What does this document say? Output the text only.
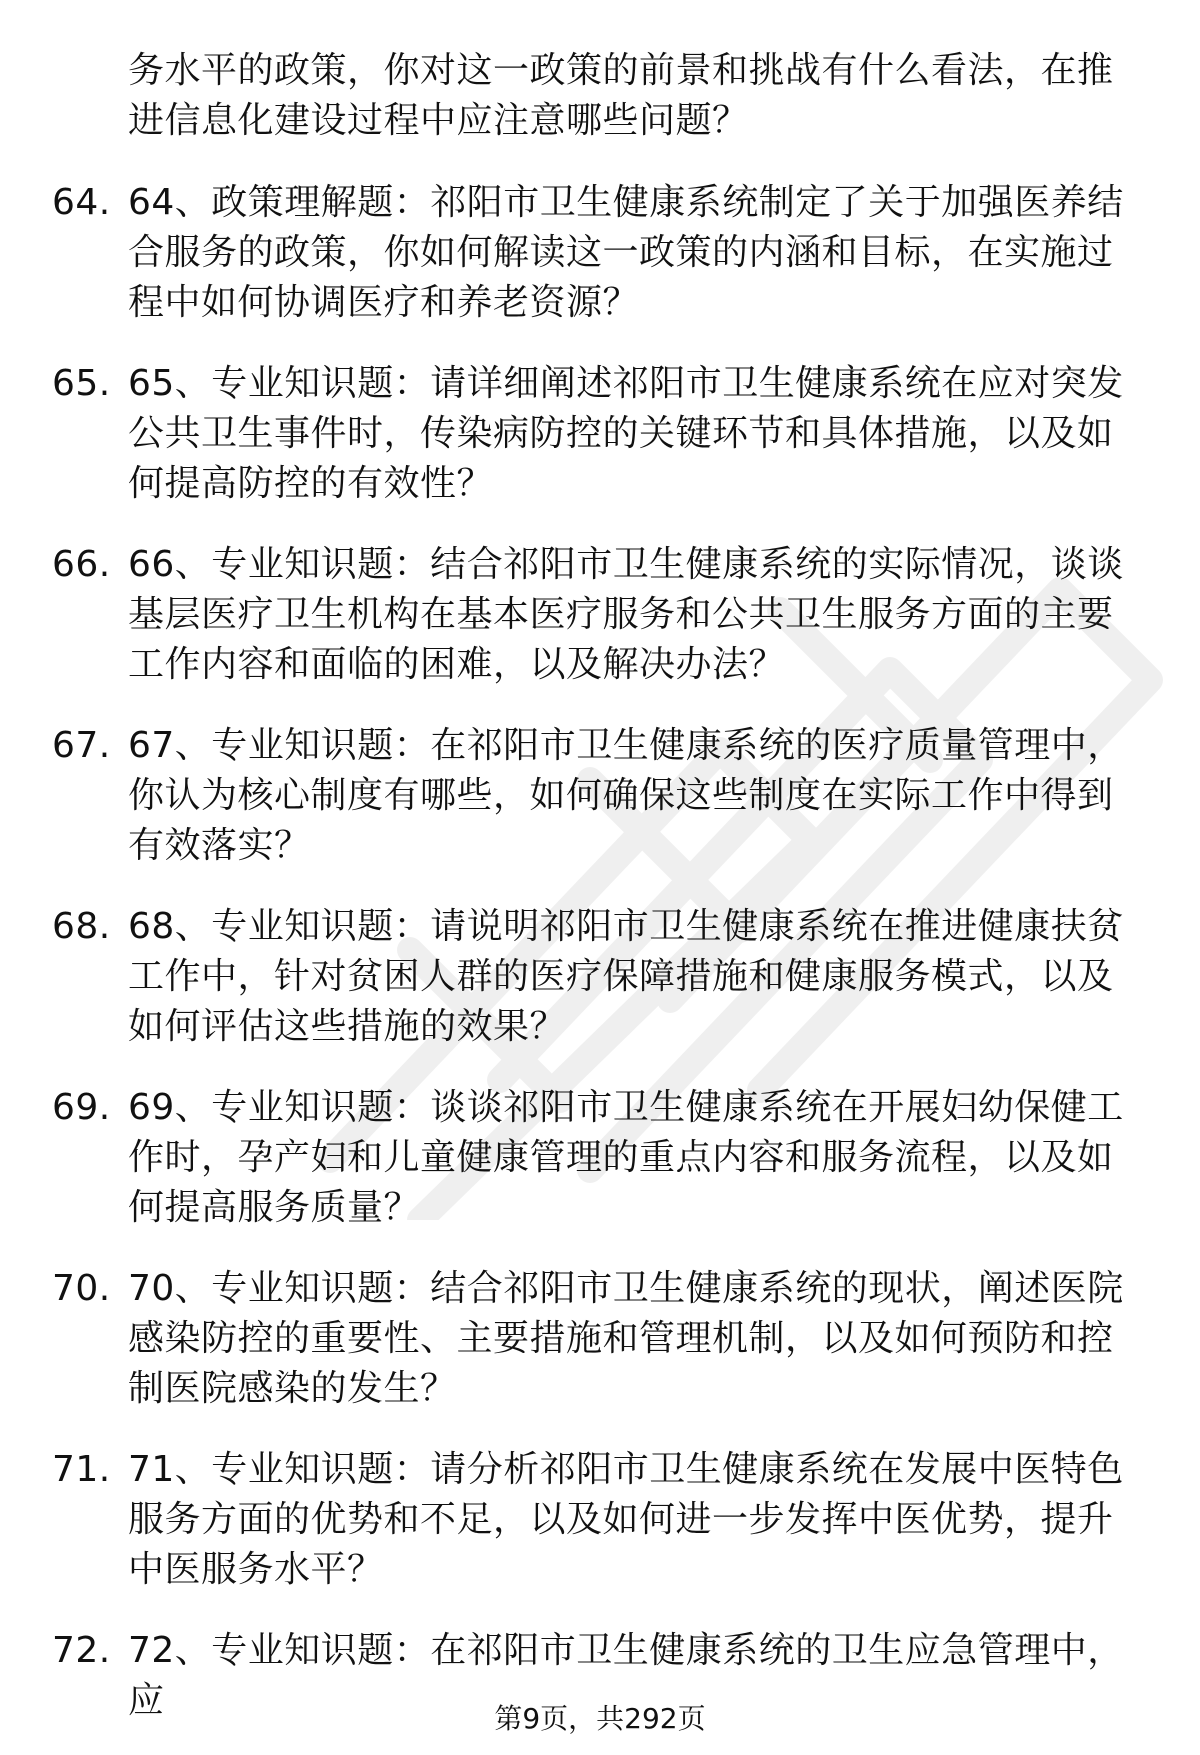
务水平的政策，你对这一政策的前景和挑战有什么看法，在推进信息化建设过程中应注意哪些问题？

64. 64、政策理解题：祁阳市卫生健康系统制定了关于加强医养结合服务的政策，你如何解读这一政策的内涵和目标，在实施过程中如何协调医疗和养老资源？
65. 65、专业知识题：请详细阐述祁阳市卫生健康系统在应对突发公共卫生事件时，传染病防控的关键环节和具体措施，以及如何提高防控的有效性？
66. 66、专业知识题：结合祁阳市卫生健康系统的实际情况，谈谈基层医疗卫生机构在基本医疗服务和公共卫生服务方面的主要工作内容和面临的困难，以及解决办法？
67. 67、专业知识题：在祁阳市卫生健康系统的医疗质量管理中，你认为核心制度有哪些，如何确保这些制度在实际工作中得到有效落实？
68. 68、专业知识题：请说明祁阳市卫生健康系统在推进健康扶贫工作中，针对贫困人群的医疗保障措施和健康服务模式，以及如何评估这些措施的效果？
69. 69、专业知识题：谈谈祁阳市卫生健康系统在开展妇幼保健工作时，孕产妇和儿童健康管理的重点内容和服务流程，以及如何提高服务质量？
70. 70、专业知识题：结合祁阳市卫生健康系统的现状，阐述医院感染防控的重要性、主要措施和管理机制，以及如何预防和控制医院感染的发生？
71. 71、专业知识题：请分析祁阳市卫生健康系统在发展中医特色服务方面的优势和不足，以及如何进一步发挥中医优势，提升中医服务水平？
72. 72、专业知识题：在祁阳市卫生健康系统的卫生应急管理中，应	第9页，共292页
